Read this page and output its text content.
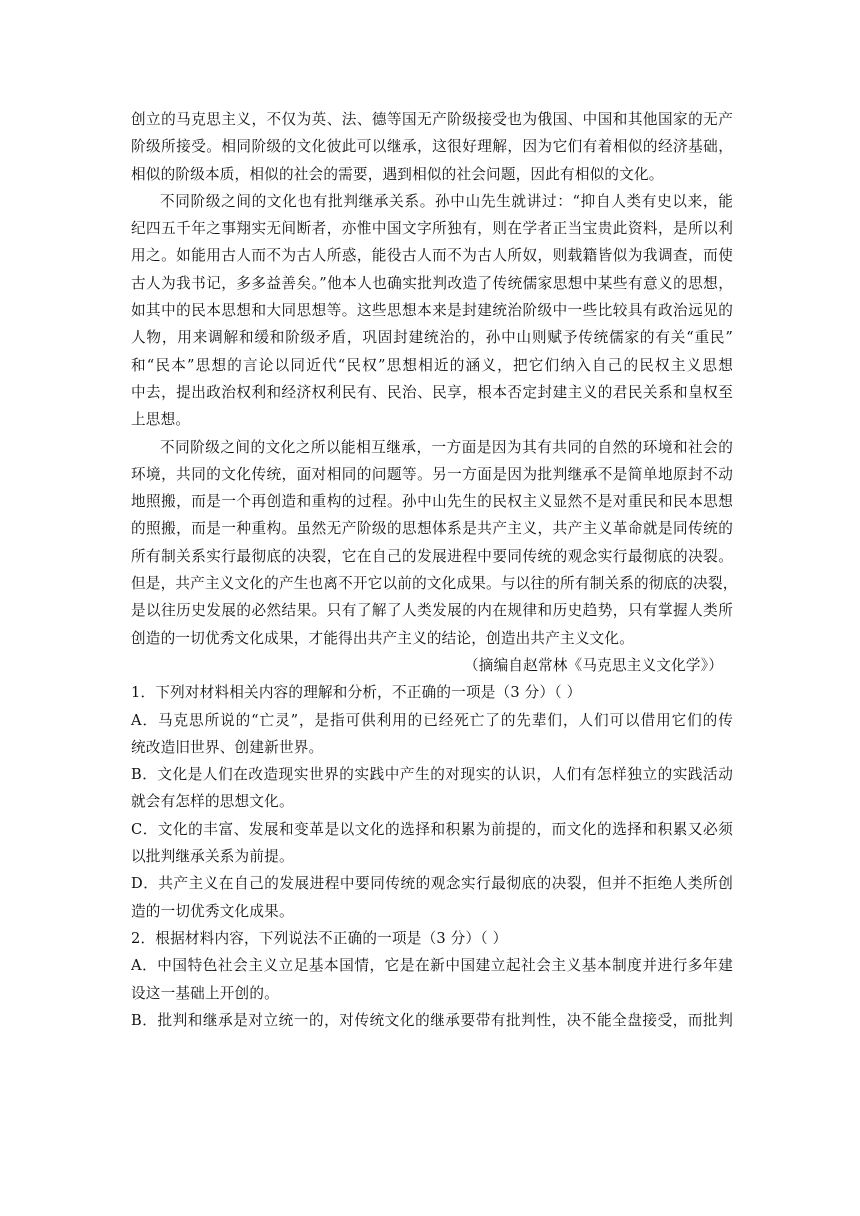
创立的马克思主义，不仅为英、法、德等国无产阶级接受也为俄国、中国和其他国家的无产
阶级所接受。相同阶级的文化彼此可以继承，这很好理解，因为它们有着相似的经济基础，
相似的阶级本质，相似的社会的需要，遇到相似的社会问题，因此有相似的文化。
不同阶级之间的文化也有批判继承关系。孙中山先生就讲过：“抑自人类有史以来，能
纪四五千年之事翔实无间断者，亦惟中国文字所独有，则在学者正当宝贵此资料，是所以利
用之。如能用古人而不为古人所惑，能役古人而不为古人所奴，则载籍皆似为我调查，而使
古人为我书记，多多益善矣。”他本人也确实批判改造了传统儒家思想中某些有意义的思想，
如其中的民本思想和大同思想等。这些思想本来是封建统治阶级中一些比较具有政治远见的
人物，用来调解和缓和阶级矛盾，巩固封建统治的，孙中山则赋予传统儒家的有关“重民”
和“民本”思想的言论以同近代“民权”思想相近的涵义，把它们纳入自己的民权主义思想
中去，提出政治权利和经济权利民有、民治、民享，根本否定封建主义的君民关系和皇权至
上思想。
不同阶级之间的文化之所以能相互继承，一方面是因为其有共同的自然的环境和社会的
环境，共同的文化传统，面对相同的问题等。另一方面是因为批判继承不是简单地原封不动
地照搬，而是一个再创造和重构的过程。孙中山先生的民权主义显然不是对重民和民本思想
的照搬，而是一种重构。虽然无产阶级的思想体系是共产主义，共产主义革命就是同传统的
所有制关系实行最彻底的决裂，它在自己的发展进程中要同传统的观念实行最彻底的决裂。
但是，共产主义文化的产生也离不开它以前的文化成果。与以往的所有制关系的彻底的决裂，
是以往历史发展的必然结果。只有了解了人类发展的内在规律和历史趋势，只有掌握人类所
创造的一切优秀文化成果，才能得出共产主义的结论，创造出共产主义文化。
（摘编自赵常林《马克思主义文化学》）
1．下列对材料相关内容的理解和分析，不正确的一项是（3 分）（ ）
A．马克思所说的“亡灵”，是指可供利用的已经死亡了的先辈们，人们可以借用它们的传
统改造旧世界、创建新世界。
B．文化是人们在改造现实世界的实践中产生的对现实的认识，人们有怎样独立的实践活动
就会有怎样的思想文化。
C．文化的丰富、发展和变革是以文化的选择和积累为前提的，而文化的选择和积累又必须
以批判继承关系为前提。
D．共产主义在自己的发展进程中要同传统的观念实行最彻底的决裂，但并不拒绝人类所创
造的一切优秀文化成果。
2．根据材料内容，下列说法不正确的一项是（3 分）（ ）
A．中国特色社会主义立足基本国情，它是在新中国建立起社会主义基本制度并进行多年建
设这一基础上开创的。
B．批判和继承是对立统一的，对传统文化的继承要带有批判性，决不能全盘接受，而批判
